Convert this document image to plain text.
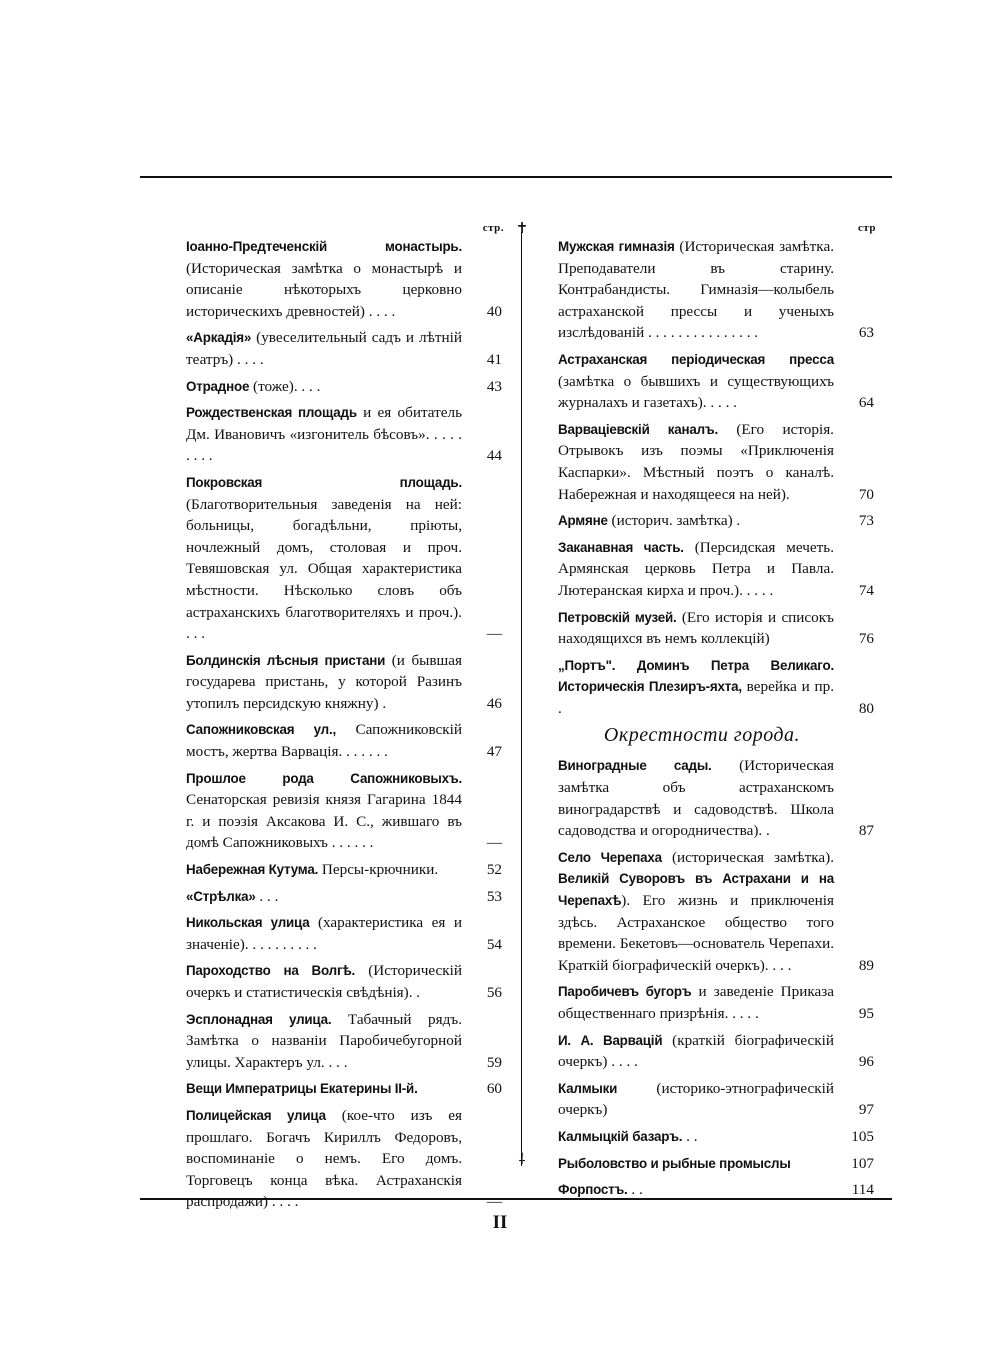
стр.
Іоанно-Предтеченскій монастырь. (Историческая замѣтка о монастырѣ и описаніе нѣкоторыхъ церковно историческихъ древностей) . . . .	40
«Аркадія» (увеселительный садъ и лѣтній театръ) . . . .	41
Отрадное (тоже). . . .	43
Рождественская площадь и ея обитатель Дм. Ивановичъ «изгонитель бѣсовъ». . . . . . . . .	44
Покровская площадь. (Благотворительныя заведенія на ней: больницы, богадѣльни, пріюты, ночлежный домъ, столовая и проч. Тевяшовская ул. Общая характеристика мѣстности. Нѣсколько словъ объ астраханскихъ благотворителяхъ и проч.). . . .	—
Болдинскія лѣсныя пристани (и бывшая государева пристань, у которой Разинъ утопилъ персидскую княжну) .	46
Сапожниковская ул., Сапожниковскій мостъ, жертва Варвація. . . . . . .	47
Прошлое рода Сапожниковыхъ. Сенаторская ревизія князя Гагарина 1844 г. и поэзія Аксакова И. С., жившаго въ домѣ Сапожниковыхъ . . . . . .	—
Набережная Кутума. Персы-крючники.	52
«Стрѣлка» . . .	53
Никольская улица (характеристика ея и значеніе). . . . . . . . . .	54
Пароходство на Волгѣ. (Историческій очеркъ и статистическія свѣдѣнія). .	56
Эсплонадная улица. Табачный рядъ. Замѣтка о названіи Паробичебугорной улицы. Характеръ ул. . . .	59
Вещи Императрицы Екатерины II-й.	60
Полицейская улица (кое-что изъ ея прошлаго. Богачъ Кириллъ Федоровъ, воспоминаніе о немъ. Его домъ. Торговецъ конца вѣка. Астраханскія распродажи) . . . .	—
✝
⸸
стр
Мужская гимназія (Историческая замѣтка. Преподаватели въ старину. Контрабандисты. Гимназія—колыбель астраханской прессы и ученыхъ изслѣдованій . . . . . . . . . . . . . . .	63
Астраханская періодическая пресса (замѣтка о бывшихъ и существующихъ журналахъ и газетахъ). . . . .	64
Варваціевскій каналъ. (Его исторія. Отрывокъ изъ поэмы «Приключенія Каспарки». Мѣстный поэтъ о каналѣ. Набережная и находящееся на ней).	70
Армяне (историч. замѣтка) .	73
Заканавная часть. (Персидская мечеть. Армянская церковь Петра и Павла. Лютеранская кирха и проч.). . . . .	74
Петровскій музей. (Его исторія и списокъ находящихся въ немъ коллекцій)	76
„Портъ". Доминъ Петра Великаго. Историческія Плезиръ-яхта, верейка и пр. .	80
Окрестности города.
Виноградные сады. (Историческая замѣтка объ астраханскомъ виноградарствѣ и садоводствѣ. Школа садоводства и огородничества). .	87
Село Черепаха (историческая замѣтка). Великій Суворовъ въ Астрахани и на Черепахѣ). Его жизнь и приключенія здѣсь. Астраханское общество того времени. Бекетовъ—основатель Черепахи. Краткій біографическій очеркъ). . . .	89
Паробичевъ бугоръ и заведеніе Приказа общественнаго призрѣнія. . . . .	95
И. А. Варвацій (краткій біографическій очеркъ) . . . .	96
Калмыки (историко-этнографическій очеркъ)	97
Калмыцкій базаръ. . .	105
Рыболовство и рыбные промыслы	107
Форпостъ. . .	114
II
